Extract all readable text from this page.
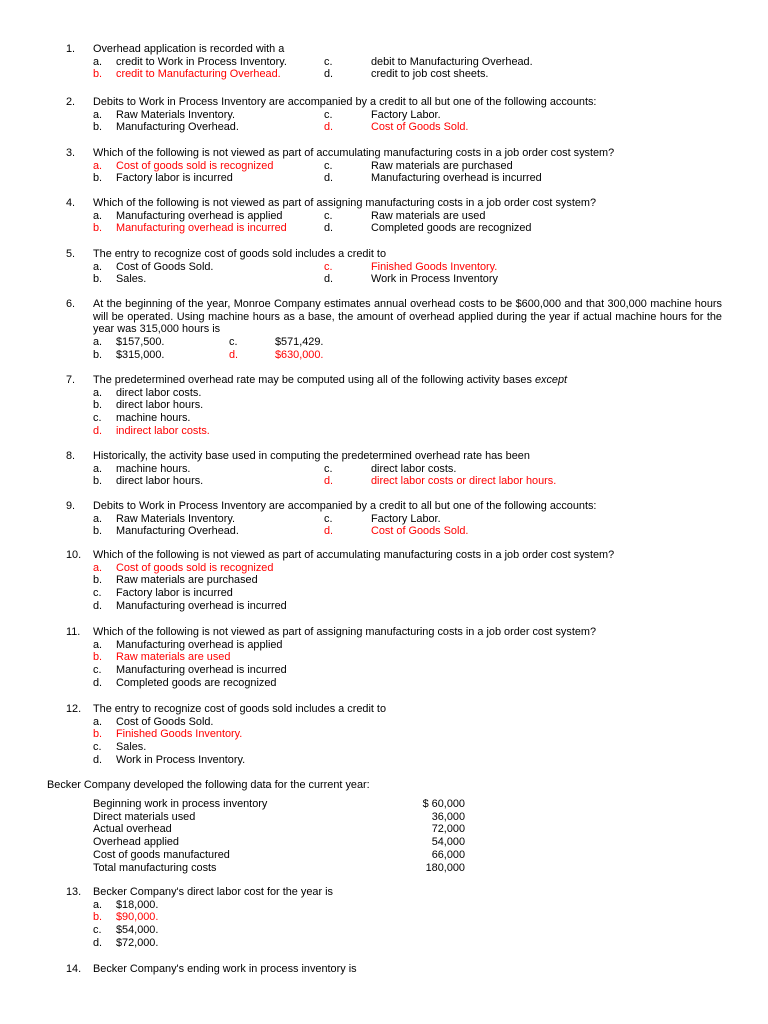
1.	Overhead application is recorded with a
a.	credit to Work in Process Inventory.	c.	debit to Manufacturing Overhead.
b.	credit to Manufacturing Overhead.	d.	credit to job cost sheets.
2.	Debits to Work in Process Inventory are accompanied by a credit to all but one of the following accounts:
a.	Raw Materials Inventory.	c.	Factory Labor.
b.	Manufacturing Overhead.	d.	Cost of Goods Sold.
3.	Which of the following is not viewed as part of accumulating manufacturing costs in a job order cost system?
a.	Cost of goods sold is recognized	c.	Raw materials are purchased
b.	Factory labor is incurred	d.	Manufacturing overhead is incurred
4.	Which of the following is not viewed as part of assigning manufacturing costs in a job order cost system?
a.	Manufacturing overhead is applied	c.	Raw materials are used
b.	Manufacturing overhead is incurred	d.	Completed goods are recognized
5.	The entry to recognize cost of goods sold includes a credit to
a.	Cost of Goods Sold.	c.	Finished Goods Inventory.
b.	Sales.	d.	Work in Process Inventory
6.	At the beginning of the year, Monroe Company estimates annual overhead costs to be $600,000 and that 300,000 machine hours will be operated. Using machine hours as a base, the amount of overhead applied during the year if actual machine hours for the year was 315,000 hours is
a.	$157,500.	c.	$571,429.
b.	$315,000.	d.	$630,000.
7.	The predetermined overhead rate may be computed using all of the following activity bases except
a.	direct labor costs.
b.	direct labor hours.
c.	machine hours.
d.	indirect labor costs.
8.	Historically, the activity base used in computing the predetermined overhead rate has been
a.	machine hours.	c.	direct labor costs.
b.	direct labor hours.	d.	direct labor costs or direct labor hours.
9.	Debits to Work in Process Inventory are accompanied by a credit to all but one of the following accounts:
a.	Raw Materials Inventory.	c.	Factory Labor.
b.	Manufacturing Overhead.	d.	Cost of Goods Sold.
10.	Which of the following is not viewed as part of accumulating manufacturing costs in a job order cost system?
a.	Cost of goods sold is recognized
b.	Raw materials are purchased
c.	Factory labor is incurred
d.	Manufacturing overhead is incurred
11.	Which of the following is not viewed as part of assigning manufacturing costs in a job order cost system?
a.	Manufacturing overhead is applied
b.	Raw materials are used
c.	Manufacturing overhead is incurred
d.	Completed goods are recognized
12.	The entry to recognize cost of goods sold includes a credit to
a.	Cost of Goods Sold.
b.	Finished Goods Inventory.
c.	Sales.
d.	Work in Process Inventory.
Becker Company developed the following data for the current year:
Beginning work in process inventory	$ 60,000
Direct materials used	36,000
Actual overhead	72,000
Overhead applied	54,000
Cost of goods manufactured	66,000
Total manufacturing costs	180,000
13.	Becker Company's direct labor cost for the year is
a.	$18,000.
b.	$90,000.
c.	$54,000.
d.	$72,000.
14.	Becker Company's ending work in process inventory is
